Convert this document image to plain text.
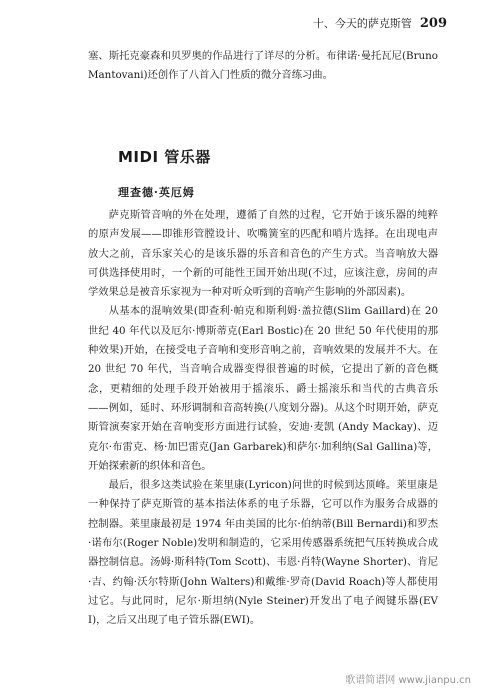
十、今天的萨克斯管 209

塞、斯托克豪森和贝罗奥的作品进行了详尽的分析。布律诺·曼托瓦尼(Bruno Mantovani)还创作了八首入门性质的微分音练习曲。

MIDI 管乐器
理查德·英厄姆

萨克斯管音响的外在处理，遵循了自然的过程，它开始于该乐器的纯粹的原声发展——即锥形管膛设计、吹嘴簧室的匹配和哨片选择。在出现电声放大之前，音乐家关心的是该乐器的乐音和音色的产生方式。当音响放大器可供选择使用时，一个新的可能性王国开始出现(不过，应该注意，房间的声学效果总是被音乐家视为一种对听众听到的音响产生影响的外部因素)。

从基本的混响效果(即查利·帕克和斯利姆·盖拉德(Slim Gaillard)在 20 世纪 40 年代以及厄尔·博斯蒂克(Earl Bostic)在 20 世纪 50 年代使用的那种效果)开始，在接受电子音响和变形音响之前，音响效果的发展并不大。在 20 世纪 70 年代，当音响合成器变得很普遍的时候，它提出了新的音色概念，更精细的处理手段开始被用于摇滚乐、爵士摇滚乐和当代的古典音乐——例如，延时、环形调制和音高转换(八度划分器)。从这个时期开始，萨克斯管演奏家开始在音响变形方面进行试验，安迪·麦凯 (Andy Mackay)、迈克尔·布雷克、杨·加巴雷克(Jan Garbarek)和萨尔·加利纳(Sal Gallina)等，开始探索新的织体和音色。

最后，很多这类试验在莱里康(Lyricon)问世的时候到达顶峰。莱里康是一种保持了萨克斯管的基本指法体系的电子乐器，它可以作为服务合成器的控制器。莱里康最初是 1974 年由美国的比尔·伯纳蒂(Bill Bernardi)和罗杰·诺布尔(Roger Noble)发明和制造的，它采用传感器系统把气压转换成合成器控制信息。汤姆·斯科特(Tom Scott)、韦恩·肖特(Wayne Shorter)、肯尼·吉、约翰·沃尔特斯(John Walters)和戴维·罗奇(David Roach)等人都使用过它。与此同时，尼尔·斯坦纳(Nyle Steiner)开发出了电子阀键乐器(EVI)，之后又出现了电子管乐器(EWI)。

歌谱简谱网 www.jianpu.cn
